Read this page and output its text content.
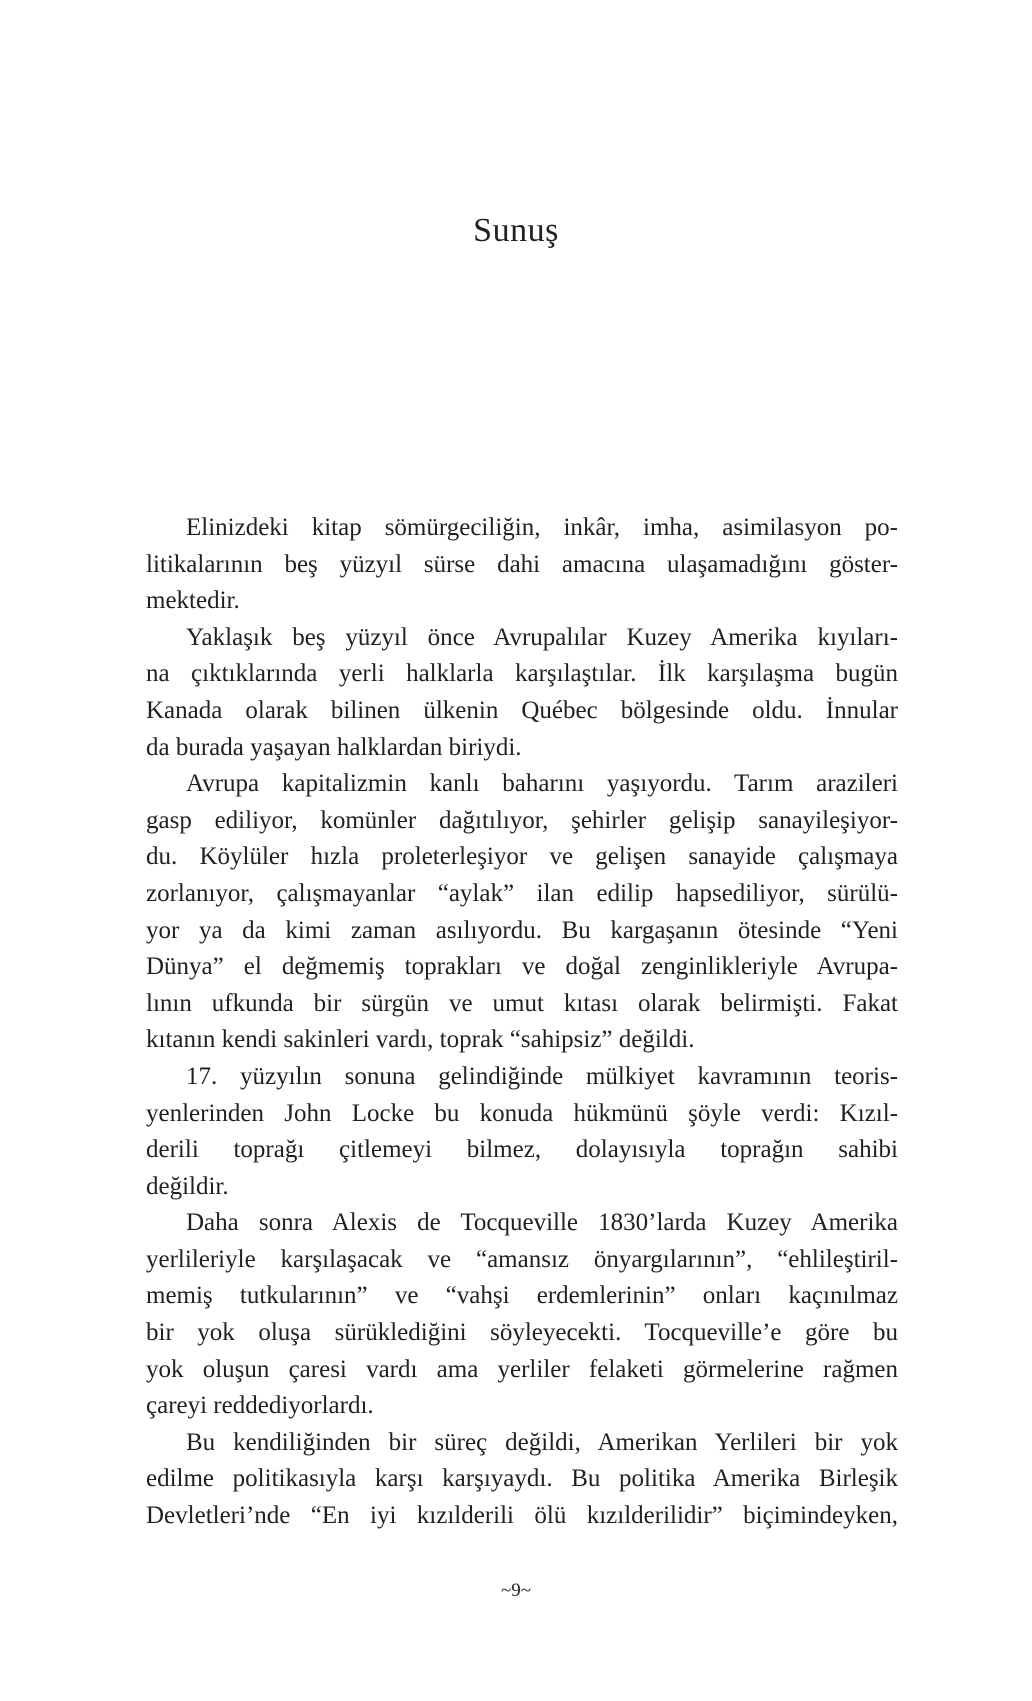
Sunuş
Elinizdeki kitap sömürgeciliğin, inkâr, imha, asimilasyon po-
litikalarının beş yüzyıl sürse dahi amacına ulaşamadığını göster-
mektedir.
Yaklaşık beş yüzyıl önce Avrupalılar Kuzey Amerika kıyıları-
na çıktıklarında yerli halklarla karşılaştılar. İlk karşılaşma bugün
Kanada olarak bilinen ülkenin Québec bölgesinde oldu. İnnular
da burada yaşayan halklardan biriydi.
Avrupa kapitalizmin kanlı baharını yaşıyordu. Tarım arazileri
gasp ediliyor, komünler dağıtılıyor, şehirler gelişip sanayileşiyor-
du. Köylüler hızla proleterleşiyor ve gelişen sanayide çalışmaya
zorlanıyor, çalışmayanlar “aylak” ilan edilip hapsediliyor, sürülü-
yor ya da kimi zaman asılıyordu. Bu kargaşanın ötesinde “Yeni
Dünya” el değmemiş toprakları ve doğal zenginlikleriyle Avrupa-
lının ufkunda bir sürgün ve umut kıtası olarak belirmişti. Fakat
kıtanın kendi sakinleri vardı, toprak “sahipsiz” değildi.
17. yüzyılın sonuna gelindiğinde mülkiyet kavramının teoris-
yenlerinden John Locke bu konuda hükmünü şöyle verdi: Kızıl-
derili toprağı çitlemeyi bilmez, dolayısıyla toprağın sahibi
değildir.
Daha sonra Alexis de Tocqueville 1830’larda Kuzey Amerika
yerlileriyle karşılaşacak ve “amansız önyargılarının”, “ehlileştiril-
memiş tutkularının” ve “vahşi erdemlerinin” onları kaçınılmaz
bir yok oluşa sürüklediğini söyleyecekti. Tocqueville’e göre bu
yok oluşun çaresi vardı ama yerliler felaketi görmelerine rağmen
çareyi reddediyorlardı.
Bu kendiliğinden bir süreç değildi, Amerikan Yerlileri bir yok
edilme politikasıyla karşı karşıyaydı. Bu politika Amerika Birleşik
Devletleri’nde “En iyi kızılderili ölü kızılderilidir” biçimindeyken,
~9~
